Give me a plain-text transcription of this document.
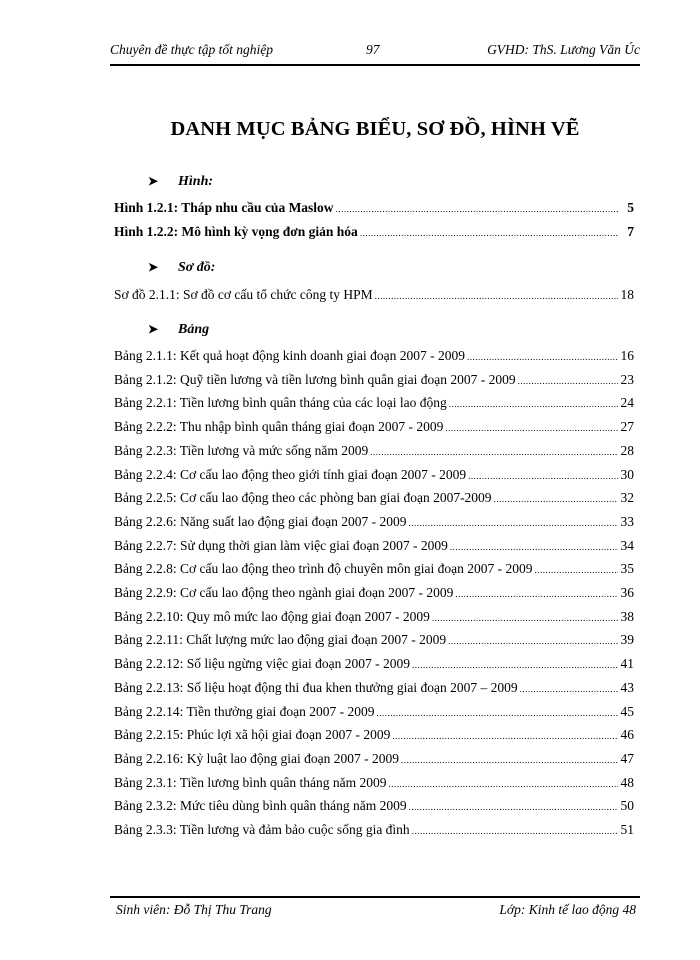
Chuyên đề thực tập tốt nghiệp	97	GVHD: ThS. Lương Văn Úc
DANH MỤC BẢNG BIỂU, SƠ ĐỒ, HÌNH VẼ
➤ Hình:
Hình 1.2.1: Tháp nhu cầu của Maslow .....	5
Hình 1.2.2: Mô hình kỳ vọng đơn giản hóa .....	7
➤ Sơ đồ:
Sơ đồ 2.1.1: Sơ đồ cơ cấu tổ chức công ty HPM .....	18
➤ Bảng
Bảng 2.1.1: Kết quả hoạt động kinh doanh giai đoạn 2007 - 2009 .....	16
Bảng 2.1.2: Quỹ tiền lương và tiền lương bình quân giai đoạn 2007 - 2009 .....	23
Bảng 2.2.1: Tiền lương bình quân tháng của các loại lao động .....	24
Bảng 2.2.2: Thu nhập bình quân tháng giai đoạn 2007 - 2009 .....	27
Bảng 2.2.3: Tiền lương và mức sống năm 2009 .....	28
Bảng 2.2.4: Cơ cấu lao động theo giới tính giai đoạn 2007 - 2009 .....	30
Bảng 2.2.5: Cơ cấu lao động theo các phòng ban giai đoạn 2007-2009 .....	32
Bảng 2.2.6: Năng suất lao động giai đoạn 2007 - 2009 .....	33
Bảng 2.2.7: Sử dụng thời gian làm việc giai đoạn 2007 - 2009 .....	34
Bảng 2.2.8: Cơ cấu lao động theo trình độ chuyên môn giai đoạn 2007 - 2009 .....	35
Bảng 2.2.9: Cơ cấu lao động theo ngành giai đoạn 2007 - 2009 .....	36
Bảng 2.2.10: Quy mô mức lao động giai đoạn 2007 - 2009 .....	38
Bảng 2.2.11: Chất lượng mức lao động giai đoạn 2007 - 2009 .....	39
Bảng 2.2.12: Số liệu ngừng việc giai đoạn 2007 - 2009 .....	41
Bảng 2.2.13: Số liệu hoạt động thi đua khen thưởng giai đoạn 2007 – 2009 .....	43
Bảng 2.2.14: Tiền thưởng giai đoạn 2007 - 2009 .....	45
Bảng 2.2.15: Phúc lợi xã hội giai đoạn 2007 - 2009 .....	46
Bảng 2.2.16: Kỷ luật lao động giai đoạn 2007 - 2009 .....	47
Bảng 2.3.1: Tiền lương bình quân tháng năm 2009 .....	48
Bảng 2.3.2: Mức tiêu dùng bình quân tháng năm 2009 .....	50
Bảng 2.3.3: Tiền lương và đảm bảo cuộc sống gia đình .....	51
Sinh viên: Đỗ Thị Thu Trang	Lớp: Kinh tế lao động 48
